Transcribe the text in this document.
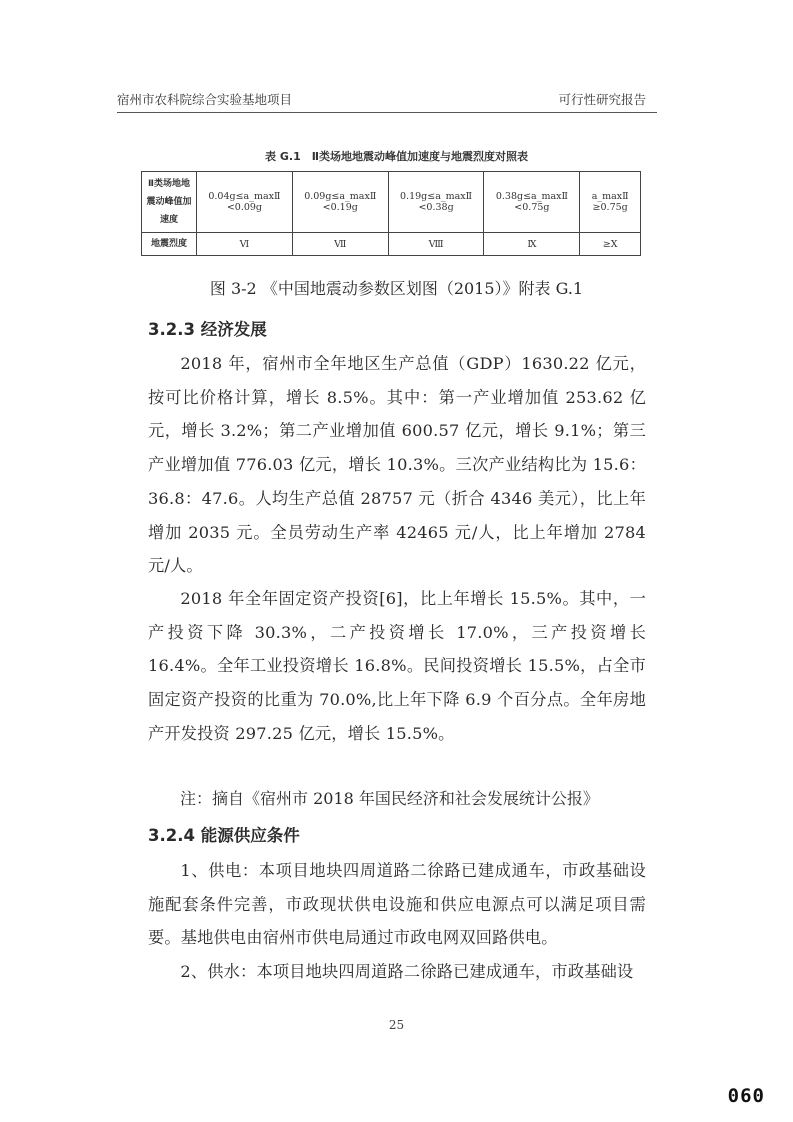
宿州市农科院综合实验基地项目	可行性研究报告
表 G.1　Ⅱ类场地地震动峰值加速度与地震烈度对照表
Ⅱ类场地地震动峰值加速度	0.04g≤a_maxⅡ <0.09g	0.09g≤a_maxⅡ <0.19g	0.19g≤a_maxⅡ <0.38g	0.38g≤a_maxⅡ <0.75g	a_maxⅡ ≥0.75g
地震烈度	Ⅵ	Ⅶ	Ⅷ	Ⅸ	≥Ⅹ
图 3-2 《中国地震动参数区划图（2015）》附表 G.1
3.2.3 经济发展

2018 年，宿州市全年地区生产总值（GDP）1630.22 亿元，按可比价格计算，增长 8.5%。其中：第一产业增加值 253.62 亿元，增长 3.2%；第二产业增加值 600.57 亿元，增长 9.1%；第三产业增加值 776.03 亿元，增长 10.3%。三次产业结构比为 15.6：36.8：47.6。人均生产总值 28757 元（折合 4346 美元），比上年增加 2035 元。全员劳动生产率 42465 元/人，比上年增加 2784 元/人。

2018 年全年固定资产投资[6]，比上年增长 15.5%。其中，一产投资下降 30.3%，二产投资增长 17.0%，三产投资增长 16.4%。全年工业投资增长 16.8%。民间投资增长 15.5%，占全市固定资产投资的比重为 70.0%,比上年下降 6.9 个百分点。全年房地产开发投资 297.25 亿元，增长 15.5%。

注：摘自《宿州市 2018 年国民经济和社会发展统计公报》
3.2.4 能源供应条件

1、供电：本项目地块四周道路二徐路已建成通车，市政基础设施配套条件完善，市政现状供电设施和供应电源点可以满足项目需要。基地供电由宿州市供电局通过市政电网双回路供电。

2、供水：本项目地块四周道路二徐路已建成通车，市政基础设

25
060
